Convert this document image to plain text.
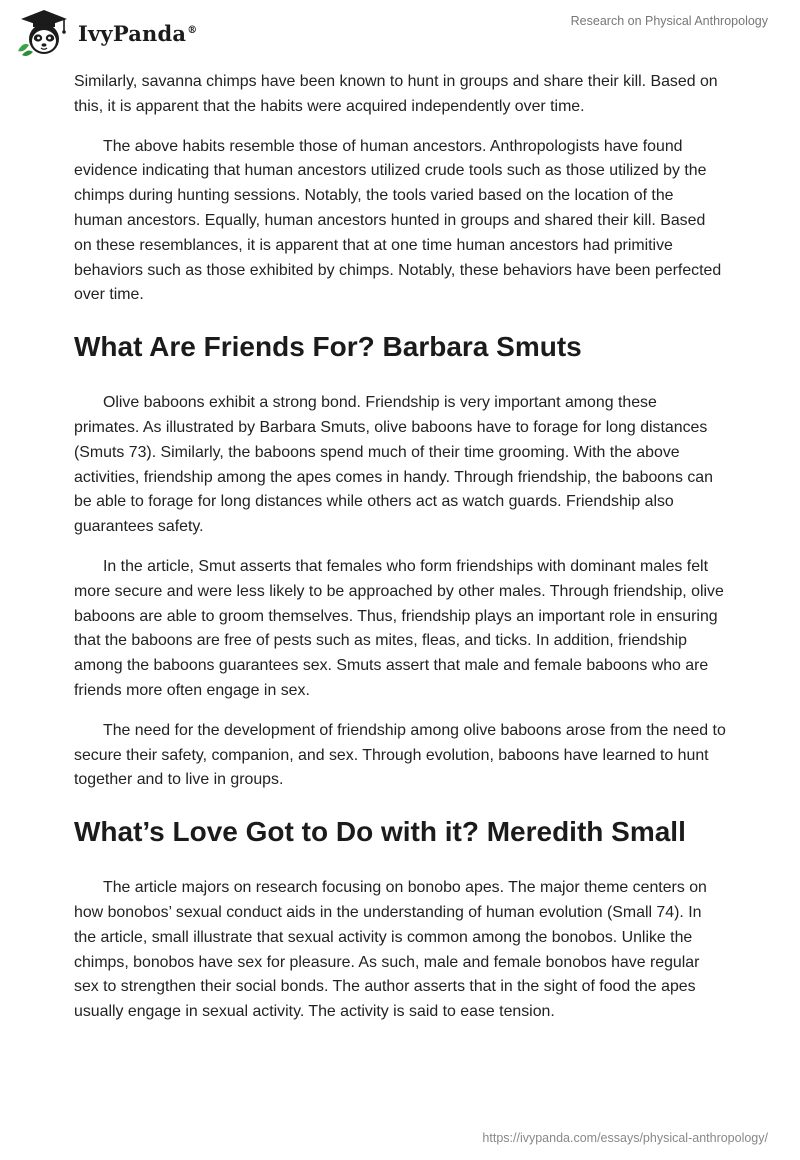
IvyPanda®
Research on Physical Anthropology

Similarly, savanna chimps have been known to hunt in groups and share their kill. Based on this, it is apparent that the habits were acquired independently over time.

The above habits resemble those of human ancestors. Anthropologists have found evidence indicating that human ancestors utilized crude tools such as those utilized by the chimps during hunting sessions. Notably, the tools varied based on the location of the human ancestors. Equally, human ancestors hunted in groups and shared their kill. Based on these resemblances, it is apparent that at one time human ancestors had primitive behaviors such as those exhibited by chimps. Notably, these behaviors have been perfected over time.

What Are Friends For? Barbara Smuts

Olive baboons exhibit a strong bond. Friendship is very important among these primates. As illustrated by Barbara Smuts, olive baboons have to forage for long distances (Smuts 73). Similarly, the baboons spend much of their time grooming. With the above activities, friendship among the apes comes in handy. Through friendship, the baboons can be able to forage for long distances while others act as watch guards. Friendship also guarantees safety.

In the article, Smut asserts that females who form friendships with dominant males felt more secure and were less likely to be approached by other males. Through friendship, olive baboons are able to groom themselves. Thus, friendship plays an important role in ensuring that the baboons are free of pests such as mites, fleas, and ticks. In addition, friendship among the baboons guarantees sex. Smuts assert that male and female baboons who are friends more often engage in sex.

The need for the development of friendship among olive baboons arose from the need to secure their safety, companion, and sex. Through evolution, baboons have learned to hunt together and to live in groups.

What’s Love Got to Do with it? Meredith Small

The article majors on research focusing on bonobo apes. The major theme centers on how bonobos’ sexual conduct aids in the understanding of human evolution (Small 74). In the article, small illustrate that sexual activity is common among the bonobos. Unlike the chimps, bonobos have sex for pleasure. As such, male and female bonobos have regular sex to strengthen their social bonds. The author asserts that in the sight of food the apes usually engage in sexual activity. The activity is said to ease tension.

https://ivypanda.com/essays/physical-anthropology/
